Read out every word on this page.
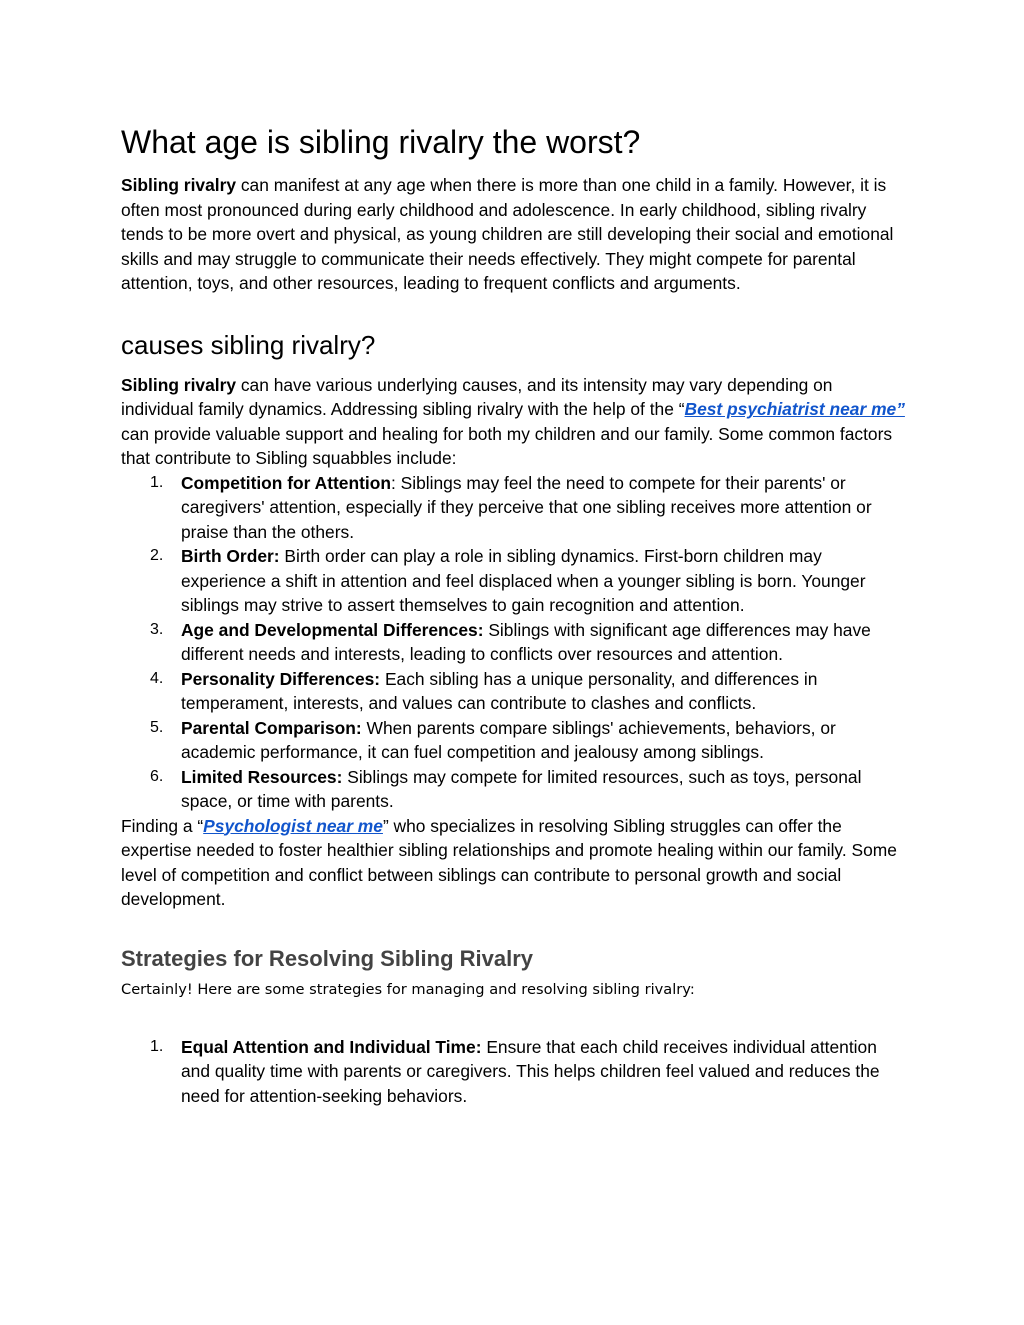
What age is sibling rivalry the worst?

Sibling rivalry can manifest at any age when there is more than one child in a family. However, it is often most pronounced during early childhood and adolescence. In early childhood, sibling rivalry tends to be more overt and physical, as young children are still developing their social and emotional skills and may struggle to communicate their needs effectively. They might compete for parental attention, toys, and other resources, leading to frequent conflicts and arguments.

causes sibling rivalry?

Sibling rivalry can have various underlying causes, and its intensity may vary depending on individual family dynamics. Addressing sibling rivalry with the help of the “Best psychiatrist near me” can provide valuable support and healing for both my children and our family. Some common factors that contribute to Sibling squabbles include:

1. Competition for Attention: Siblings may feel the need to compete for their parents' or caregivers' attention, especially if they perceive that one sibling receives more attention or praise than the others.
2. Birth Order: Birth order can play a role in sibling dynamics. First-born children may experience a shift in attention and feel displaced when a younger sibling is born. Younger siblings may strive to assert themselves to gain recognition and attention.
3. Age and Developmental Differences: Siblings with significant age differences may have different needs and interests, leading to conflicts over resources and attention.
4. Personality Differences: Each sibling has a unique personality, and differences in temperament, interests, and values can contribute to clashes and conflicts.
5. Parental Comparison: When parents compare siblings' achievements, behaviors, or academic performance, it can fuel competition and jealousy among siblings.
6. Limited Resources: Siblings may compete for limited resources, such as toys, personal space, or time with parents.

Finding a “Psychologist near me” who specializes in resolving Sibling struggles can offer the expertise needed to foster healthier sibling relationships and promote healing within our family. Some level of competition and conflict between siblings can contribute to personal growth and social development.

Strategies for Resolving Sibling Rivalry

Certainly! Here are some strategies for managing and resolving sibling rivalry:

1. Equal Attention and Individual Time: Ensure that each child receives individual attention and quality time with parents or caregivers. This helps children feel valued and reduces the need for attention-seeking behaviors.
